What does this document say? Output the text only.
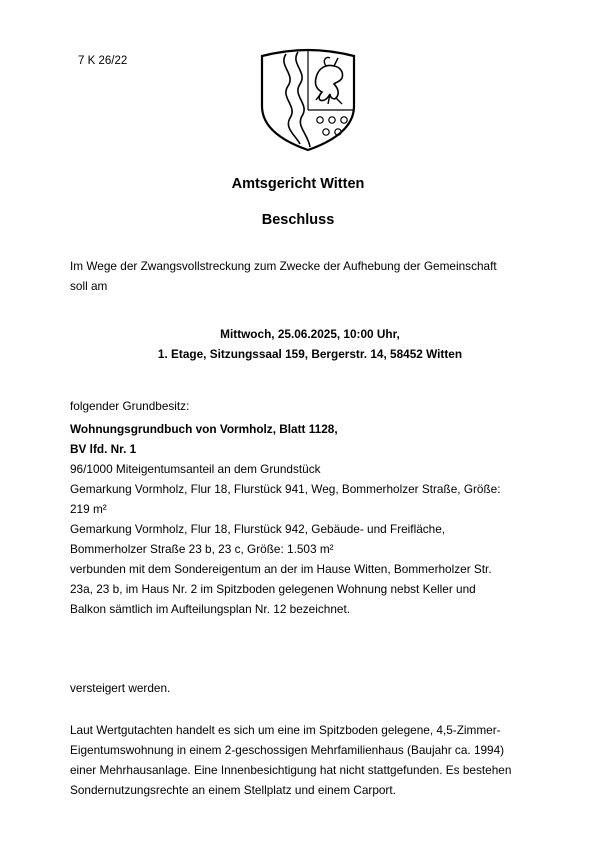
7 K 26/22
Amtsgericht Witten
Beschluss
Im Wege der Zwangsvollstreckung zum Zwecke der Aufhebung der Gemeinschaft
soll am
Mittwoch, 25.06.2025, 10:00 Uhr,
1. Etage, Sitzungssaal 159, Bergerstr. 14, 58452 Witten
folgender Grundbesitz:
Wohnungsgrundbuch von Vormholz, Blatt 1128,
BV lfd. Nr. 1
96/1000 Miteigentumsanteil an dem Grundstück
Gemarkung Vormholz, Flur 18, Flurstück 941, Weg, Bommerholzer Straße, Größe:
219 m²
Gemarkung Vormholz, Flur 18, Flurstück 942, Gebäude- und Freifläche,
Bommerholzer Straße 23 b, 23 c, Größe: 1.503 m²
verbunden mit dem Sondereigentum an der im Hause Witten, Bommerholzer Str.
23a, 23 b, im Haus Nr. 2 im Spitzboden gelegenen Wohnung nebst Keller und
Balkon sämtlich im Aufteilungsplan Nr. 12 bezeichnet.
versteigert werden.
Laut Wertgutachten handelt es sich um eine im Spitzboden gelegene, 4,5-Zimmer-
Eigentumswohnung in einem 2-geschossigen Mehrfamilienhaus (Baujahr ca. 1994)
einer Mehrhausanlage. Eine Innenbesichtigung hat nicht stattgefunden. Es bestehen
Sondernutzungsrechte an einem Stellplatz und einem Carport.
